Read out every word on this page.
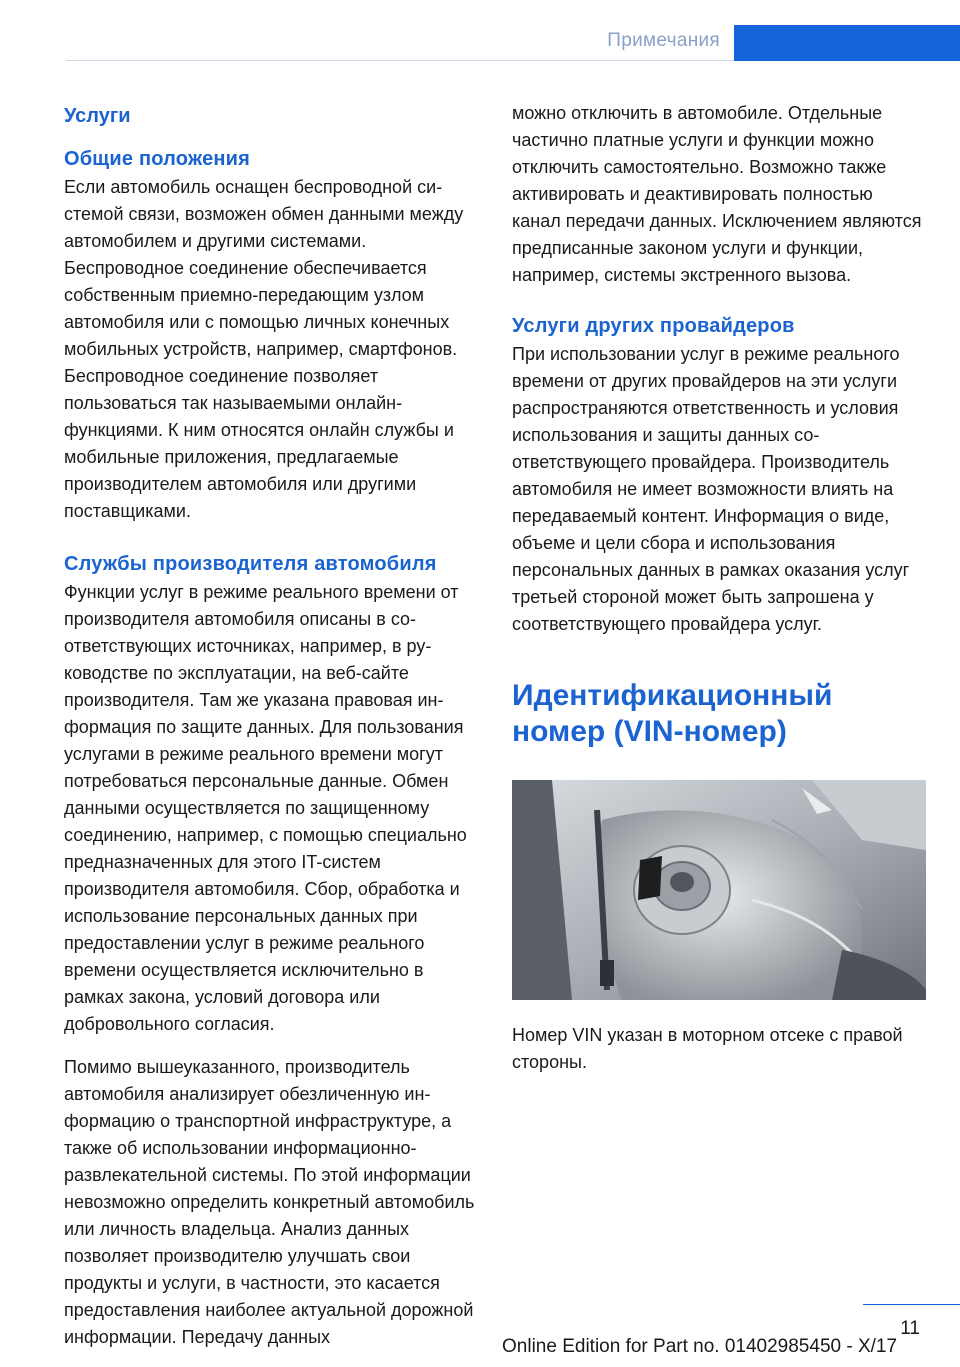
Примечания
Услуги
Общие положения

Если автомобиль оснащен беспроводной системой связи, возможен обмен данными между автомобилем и другими системами. Беспроводное соединение обеспечивается собственным приемно-передающим узлом автомобиля или с помощью личных конечных мобильных устройств, например, смартфонов. Беспроводное соединение позволяет пользоваться так называемыми онлайн-функциями. К ним относятся онлайн службы и мобильные приложения, предлагаемые производителем автомобиля или другими поставщиками.

Службы производителя автомобиля

Функции услуг в режиме реального времени от производителя автомобиля описаны в соответствующих источниках, например, в руководстве по эксплуатации, на веб-сайте производителя. Там же указана правовая информация по защите данных. Для пользования услугами в режиме реального времени могут потребоваться персональные данные. Обмен данными осуществляется по защищенному соединению, например, с помощью специально предназначенных для этого IT-систем производителя автомобиля. Сбор, обработка и использование персональных данных при предоставлении услуг в режиме реального времени осуществляется исключительно в рамках закона, условий договора или добровольного согласия.

Помимо вышеуказанного, производитель автомобиля анализирует обезличенную информацию о транспортной инфраструктуре, а также об использовании информационно-развлекательной системы. По этой информации невозможно определить конкретный автомобиль или личность владельца. Анализ данных позволяет производителю улучшать свои продукты и услуги, в частности, это касается предоставления наиболее актуальной дорожной информации. Передачу данных

можно отключить в автомобиле. Отдельные частично платные услуги и функции можно отключить самостоятельно. Возможно также активировать и деактивировать полностью канал передачи данных. Исключением являются предписанные законом услуги и функции, например, системы экстренного вызова.

Услуги других провайдеров

При использовании услуг в режиме реального времени от других провайдеров на эти услуги распространяются ответственность и условия использования и защиты данных соответствующего провайдера. Производитель автомобиля не имеет возможности влиять на передаваемый контент. Информация о виде, объеме и цели сбора и использования персональных данных в рамках оказания услуг третьей стороной может быть запрошена у соответствующего провайдера услуг.

Идентификационный номер (VIN-номер)

Номер VIN указан в моторном отсеке с правой стороны.

11
Online Edition for Part no. 01402985450 - X/17
